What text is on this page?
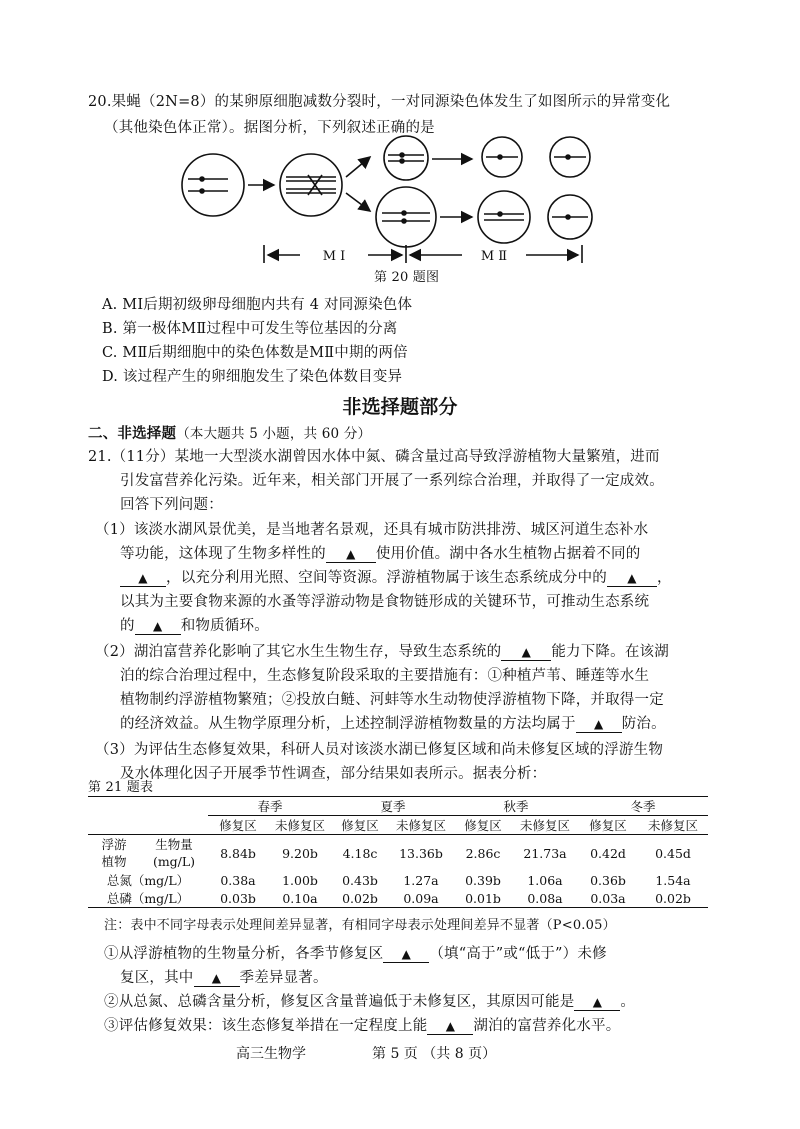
20.果蝇（2N=8）的某卵原细胞减数分裂时，一对同源染色体发生了如图所示的异常变化
（其他染色体正常）。据图分析，下列叙述正确的是
M Ⅰ	M Ⅱ
第 20 题图
A. MⅠ后期初级卵母细胞内共有 4 对同源染色体
B. 第一极体MⅡ过程中可发生等位基因的分离
C. MⅡ后期细胞中的染色体数是MⅡ中期的两倍
D. 该过程产生的卵细胞发生了染色体数目变异
非选择题部分
二、非选择题（本大题共 5 小题，共 60 分）
21.（11分）某地一大型淡水湖曾因水体中氮、磷含量过高导致浮游植物大量繁殖，进而
引发富营养化污染。近年来，相关部门开展了一系列综合治理，并取得了一定成效。
回答下列问题：
（1）该淡水湖风景优美，是当地著名景观，还具有城市防洪排涝、城区河道生态补水
等功能，这体现了生物多样性的 ▲ 使用价值。湖中各水生植物占据着不同的
▲ ，以充分利用光照、空间等资源。浮游植物属于该生态系统成分中的 ▲ ，
以其为主要食物来源的水蚤等浮游动物是食物链形成的关键环节，可推动生态系统
的 ▲ 和物质循环。
（2）湖泊富营养化影响了其它水生生物生存，导致生态系统的 ▲ 能力下降。在该湖
泊的综合治理过程中，生态修复阶段采取的主要措施有：①种植芦苇、睡莲等水生
植物制约浮游植物繁殖；②投放白鲢、河蚌等水生动物使浮游植物下降，并取得一定
的经济效益。从生物学原理分析，上述控制浮游植物数量的方法均属于 ▲ 防治。
（3）为评估生态修复效果，科研人员对该淡水湖已修复区域和尚未修复区域的浮游生物
及水体理化因子开展季节性调查，部分结果如表所示。据表分析：
第 21 题表
		春季		夏季		秋季		冬季	
		修复区	未修复区	修复区	未修复区	修复区	未修复区	修复区	未修复区
浮游
植物	生物量
(mg/L)	8.84b	9.20b	4.18c	13.36b	2.86c	21.73a	0.42d	0.45d
总氮（mg/L）		0.38a	1.00b	0.43b	1.27a	0.39b	1.06a	0.36b	1.54a
总磷（mg/L）		0.03b	0.10a	0.02b	0.09a	0.01b	0.08a	0.03a	0.02b
注：表中不同字母表示处理间差异显著，有相同字母表示处理间差异不显著（P<0.05）
①从浮游植物的生物量分析，各季节修复区 ▲ （填“高于”或“低于”）未修
复区，其中 ▲ 季差异显著。
②从总氮、总磷含量分析，修复区含量普遍低于未修复区，其原因可能是 ▲ 。
③评估修复效果：该生态修复举措在一定程度上能 ▲ 湖泊的富营养化水平。
高三生物学	第 5 页 （共 8 页）
